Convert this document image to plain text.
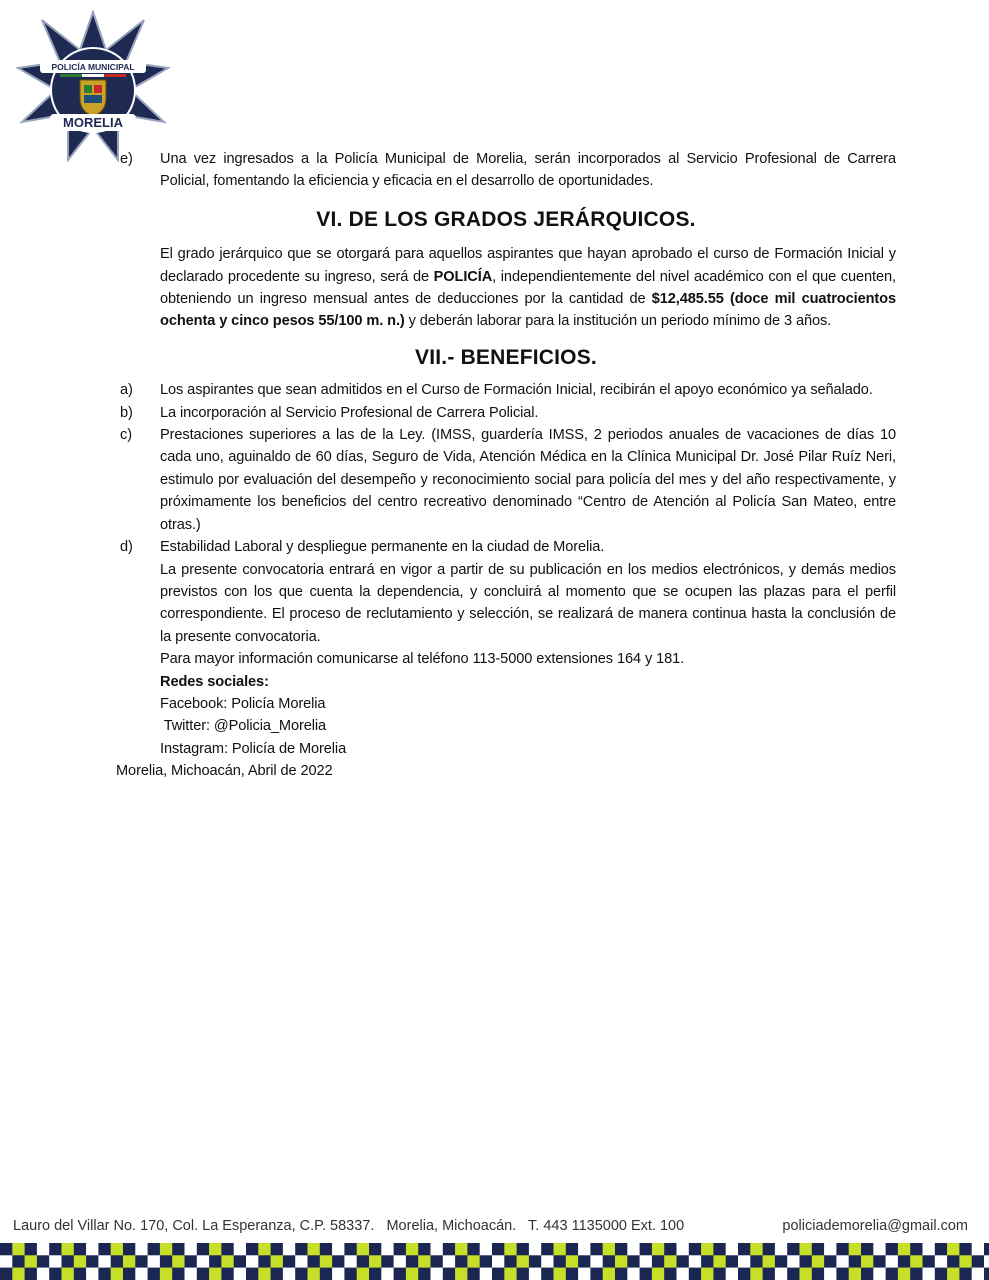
POLICÍA MUNICIPAL
MORELIA
e)	Una vez ingresados a la Policía Municipal de Morelia, serán incorporados al Servicio Profesional de Carrera Policial, fomentando la eficiencia y eficacia en el desarrollo de oportunidades.
VI. DE LOS GRADOS JERÁRQUICOS.

El grado jerárquico que se otorgará para aquellos aspirantes que hayan aprobado el curso de Formación Inicial y declarado procedente su ingreso, será de POLICÍA, independientemente del nivel académico con el que cuenten, obteniendo un ingreso mensual antes de deducciones por la cantidad de $12,485.55 (doce mil cuatrocientos ochenta y cinco pesos 55/100 m. n.) y deberán laborar para la institución un periodo mínimo de 3 años.

VII.- BENEFICIOS.
a)	Los aspirantes que sean admitidos en el Curso de Formación Inicial, recibirán el apoyo económico ya señalado.
b)	La incorporación al Servicio Profesional de Carrera Policial.
c)	Prestaciones superiores a las de la Ley. (IMSS, guardería IMSS, 2 periodos anuales de vacaciones de días 10 cada uno, aguinaldo de 60 días, Seguro de Vida, Atención Médica en la Clínica Municipal Dr. José Pilar Ruíz Neri, estimulo por evaluación del desempeño y reconocimiento social para policía del mes y del año respectivamente, y próximamente los beneficios del centro recreativo denominado “Centro de Atención al Policía San Mateo, entre otras.)
d)	Estabilidad Laboral y despliegue permanente en la ciudad de Morelia.

La presente convocatoria entrará en vigor a partir de su publicación en los medios electrónicos, y demás medios previstos con los que cuenta la dependencia, y concluirá al momento que se ocupen las plazas para el perfil correspondiente. El proceso de reclutamiento y selección, se realizará de manera continua hasta la conclusión de la presente convocatoria.

Para mayor información comunicarse al teléfono 113-5000 extensiones 164 y 181.

Redes sociales:

Facebook: Policía Morelia

Twitter: @Policia_Morelia

Instagram: Policía de Morelia

Morelia, Michoacán, Abril de 2022

Lauro del Villar No. 170, Col. La Esperanza, C.P. 58337.   Morelia, Michoacán.   T. 443 1135000 Ext. 100	policiademorelia@gmail.com
